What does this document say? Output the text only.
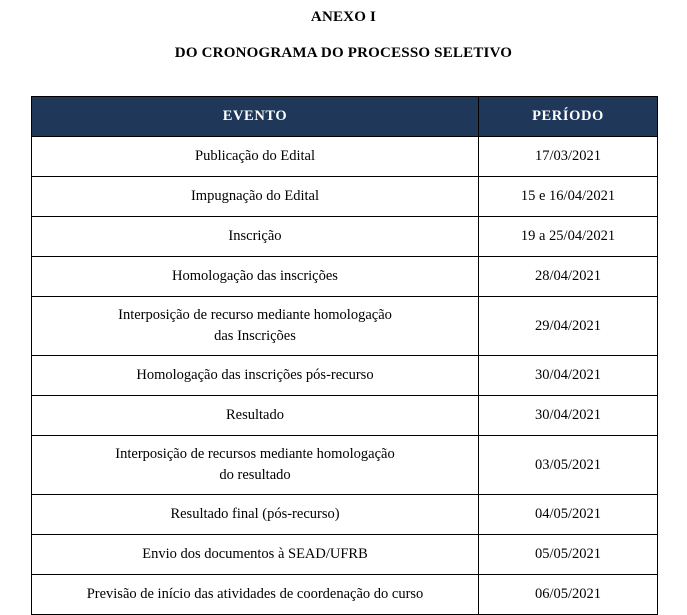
ANEXO I
DO CRONOGRAMA DO PROCESSO SELETIVO
EVENTO	PERÍODO

Publicação do Edital	17/03/2021

Impugnação do Edital	15 e 16/04/2021

Inscrição	19 a 25/04/2021

Homologação das inscrições	28/04/2021

Interposição de recurso mediante homologação
das Inscrições	29/04/2021

Homologação das inscrições pós-recurso	30/04/2021

Resultado	30/04/2021

Interposição de recursos mediante homologação
do resultado	03/05/2021

Resultado final (pós-recurso)	04/05/2021

Envio dos documentos à SEAD/UFRB	05/05/2021

Previsão de início das atividades de coordenação do curso	06/05/2021
